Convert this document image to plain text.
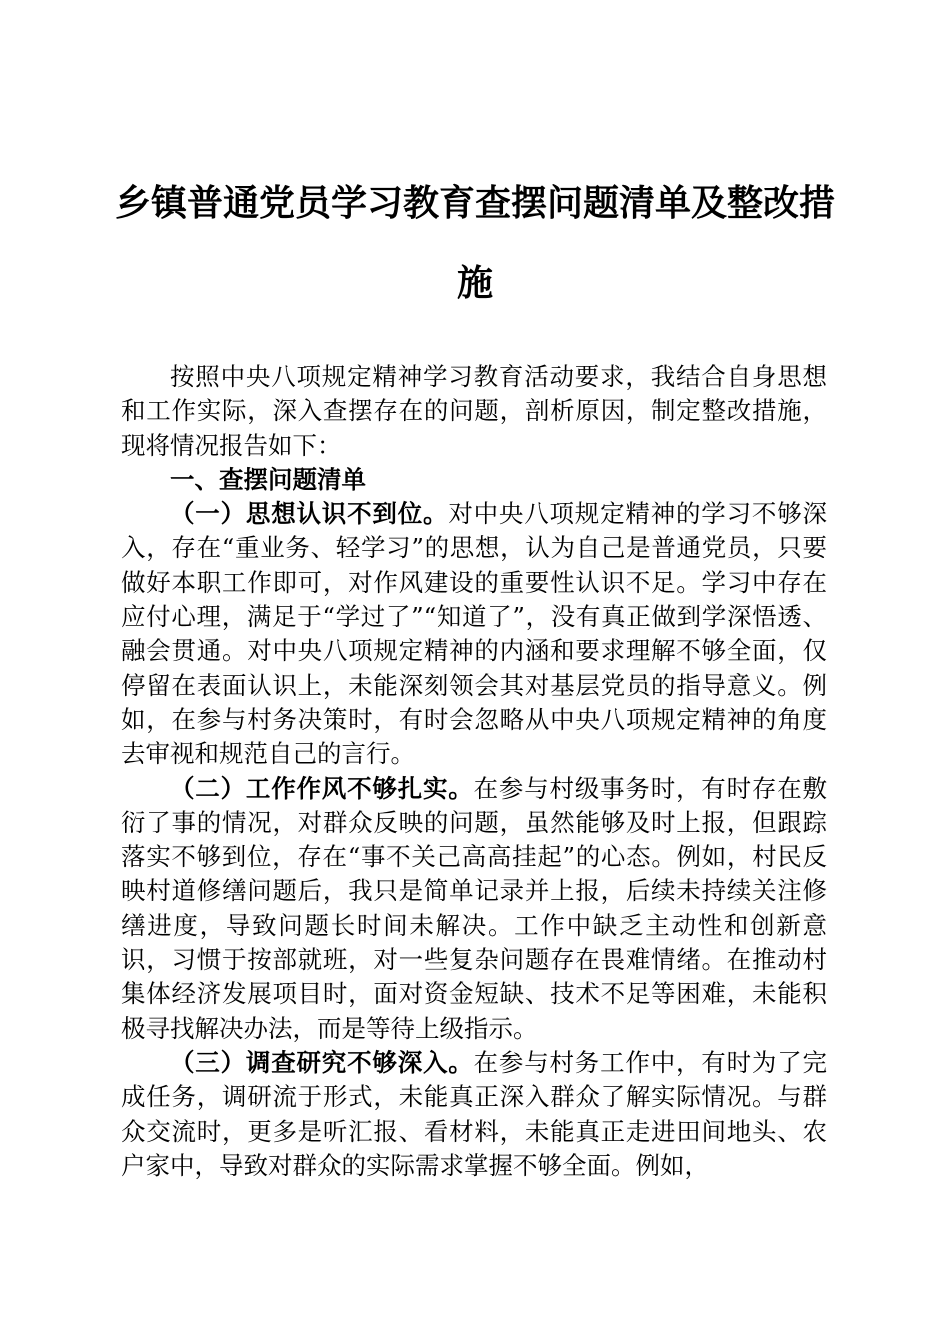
乡镇普通党员学习教育查摆问题清单及整改措施

按照中央八项规定精神学习教育活动要求，我结合自身思想和工作实际，深入查摆存在的问题，剖析原因，制定整改措施，现将情况报告如下：

一、查摆问题清单

（一）思想认识不到位。对中央八项规定精神的学习不够深入，存在“重业务、轻学习”的思想，认为自己是普通党员，只要做好本职工作即可，对作风建设的重要性认识不足。学习中存在应付心理，满足于“学过了”“知道了”，没有真正做到学深悟透、融会贯通。对中央八项规定精神的内涵和要求理解不够全面，仅停留在表面认识上，未能深刻领会其对基层党员的指导意义。例如，在参与村务决策时，有时会忽略从中央八项规定精神的角度去审视和规范自己的言行。

（二）工作作风不够扎实。在参与村级事务时，有时存在敷衍了事的情况，对群众反映的问题，虽然能够及时上报，但跟踪落实不够到位，存在“事不关己高高挂起”的心态。例如，村民反映村道修缮问题后，我只是简单记录并上报，后续未持续关注修缮进度，导致问题长时间未解决。工作中缺乏主动性和创新意识，习惯于按部就班，对一些复杂问题存在畏难情绪。在推动村集体经济发展项目时，面对资金短缺、技术不足等困难，未能积极寻找解决办法，而是等待上级指示。

（三）调查研究不够深入。在参与村务工作中，有时为了完成任务，调研流于形式，未能真正深入群众了解实际情况。与群众交流时，更多是听汇报、看材料，未能真正走进田间地头、农户家中，导致对群众的实际需求掌握不够全面。例如，
